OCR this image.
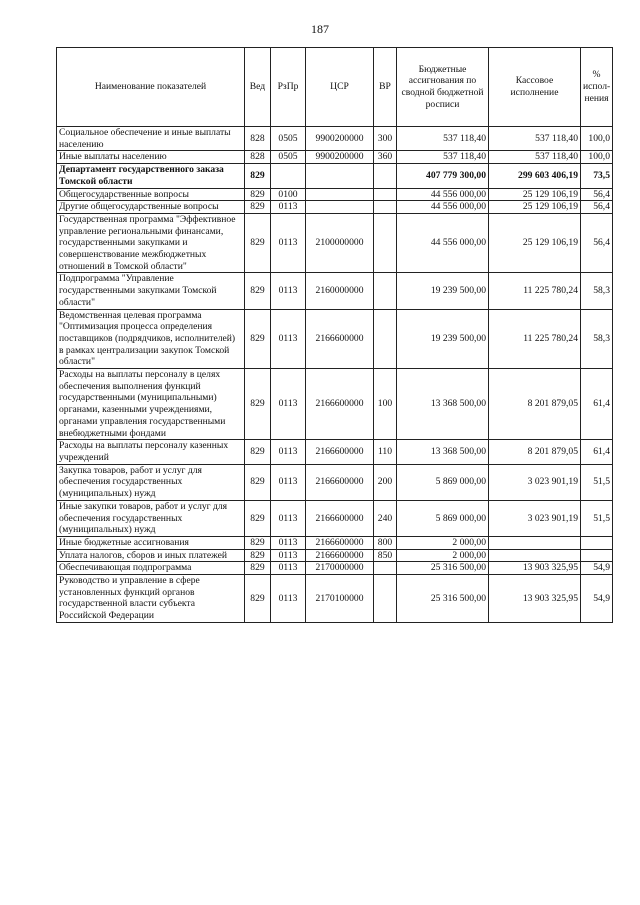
187
Наименование показателей	Вед	РзПр	ЦСР	ВР	Бюджетные ассигнования по сводной бюджетной росписи	Кассовое исполнение	% испол-нения
Социальное обеспечение и иные выплаты населению	828	0505	9900200000	300	537 118,40	537 118,40	100,0
Иные выплаты населению	828	0505	9900200000	360	537 118,40	537 118,40	100,0
Департамент государственного заказа Томской области	829				407 779 300,00	299 603 406,19	73,5
Общегосударственные вопросы	829	0100			44 556 000,00	25 129 106,19	56,4
Другие общегосударственные вопросы	829	0113			44 556 000,00	25 129 106,19	56,4
Государственная программа "Эффективное управление региональными финансами, государственными закупками и совершенствование межбюджетных отношений в Томской области"	829	0113	2100000000		44 556 000,00	25 129 106,19	56,4
Подпрограмма "Управление государственными закупками Томской области"	829	0113	2160000000		19 239 500,00	11 225 780,24	58,3
Ведомственная целевая программа "Оптимизация процесса определения поставщиков (подрядчиков, исполнителей) в рамках централизации закупок Томской области"	829	0113	2166600000		19 239 500,00	11 225 780,24	58,3
Расходы на выплаты персоналу в целях обеспечения выполнения функций государственными (муниципальными) органами, казенными учреждениями, органами управления государственными внебюджетными фондами	829	0113	2166600000	100	13 368 500,00	8 201 879,05	61,4
Расходы на выплаты персоналу казенных учреждений	829	0113	2166600000	110	13 368 500,00	8 201 879,05	61,4
Закупка товаров, работ и услуг для обеспечения государственных (муниципальных) нужд	829	0113	2166600000	200	5 869 000,00	3 023 901,19	51,5
Иные закупки товаров, работ и услуг для обеспечения государственных (муниципальных) нужд	829	0113	2166600000	240	5 869 000,00	3 023 901,19	51,5
Иные бюджетные ассигнования	829	0113	2166600000	800	2 000,00		
Уплата налогов, сборов и иных платежей	829	0113	2166600000	850	2 000,00		
Обеспечивающая подпрограмма	829	0113	2170000000		25 316 500,00	13 903 325,95	54,9
Руководство и управление в сфере установленных функций органов государственной власти субъекта Российской Федерации	829	0113	2170100000		25 316 500,00	13 903 325,95	54,9
